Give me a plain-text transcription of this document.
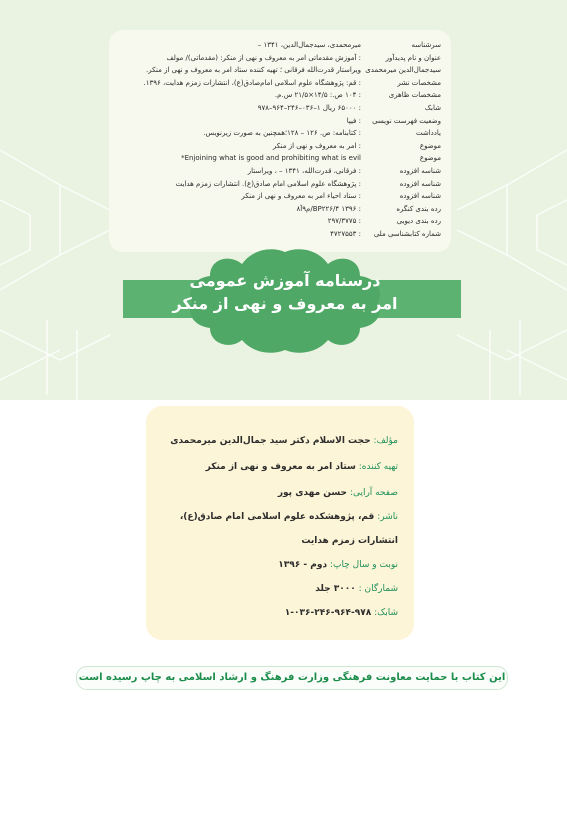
سرشناسه
میرمحمدی، سیدجمال‌الدین، ۱۳۴۱ –
عنوان و نام پدیدآور
: آموزش مقدماتی امر به معروف و نهی از منکر: (مقدماتی)/ مولف
سیدجمال‌الدین میرمحمدی
ویراستار قدرت‌الله فرقانی ؛ تهیه کننده ستاد امر به معروف و نهی از منکر.
مشخصات نشر
: قم: پژوهشگاه علوم اسلامی امام‌صادق(ع)، انتشارات زمزم هدایت، ۱۳۹۶.
مشخصات ظاهری
: ۱۰۴ ص.: ۱۴/۵×۲۱/۵ س.م.
شابک
: ۶۵۰۰۰ ریال ۱–۰۳۶–۲۴۶–۹۶۴–۹۷۸
وضعیت فهرست نویسی
: فیپا
یادداشت
: کتابنامه: ص. ۱۲۶ – ۱۲۸؛همچنین به صورت زیرنویس.
موضوع
: امر به معروف و نهی از منکر
موضوع
Enjoining what is good and prohibiting what is evil*
شناسه افزوده
: فرقانی، قدرت‌الله، ۱۳۴۱ – ، ویراستار
شناسه افزوده
: پژوهشگاه علوم اسلامی امام صادق(ع). انتشارات زمزم هدایت
شناسه افزوده
: ستاد احیاء امر به معروف و نهی از منکر
رده بندی کنگره
: ۱۳۹۶ BP۲۲۶/۴/م۹آ۸
رده بندی دیویی
: ۲۹۷/۳۷۷۵
شماره کتابشناسی ملی
: ۴۷۲۷۵۵۳
درسنامه آموزش عمومی
امر به معروف و نهی از منکر
مؤلف: حجت الاسلام دکتر سید جمال‌الدین میرمحمدی
تهیه کننده: ستاد امر به معروف و نهی از منکر
صفحه آرایی: حسن مهدی پور
ناشر: قم، پژوهشکده علوم اسلامی امام صادق(ع)،
انتشارات زمزم هدایت
نوبت و سال چاپ: دوم - ۱۳۹۶
شمارگان : ۳۰۰۰ جلد
شابک: ۹۷۸-۹۶۴-۲۴۶-۰۳۶-۱
این کتاب با حمایت معاونت فرهنگی وزارت فرهنگ و ارشاد اسلامی به چاپ رسیده است
